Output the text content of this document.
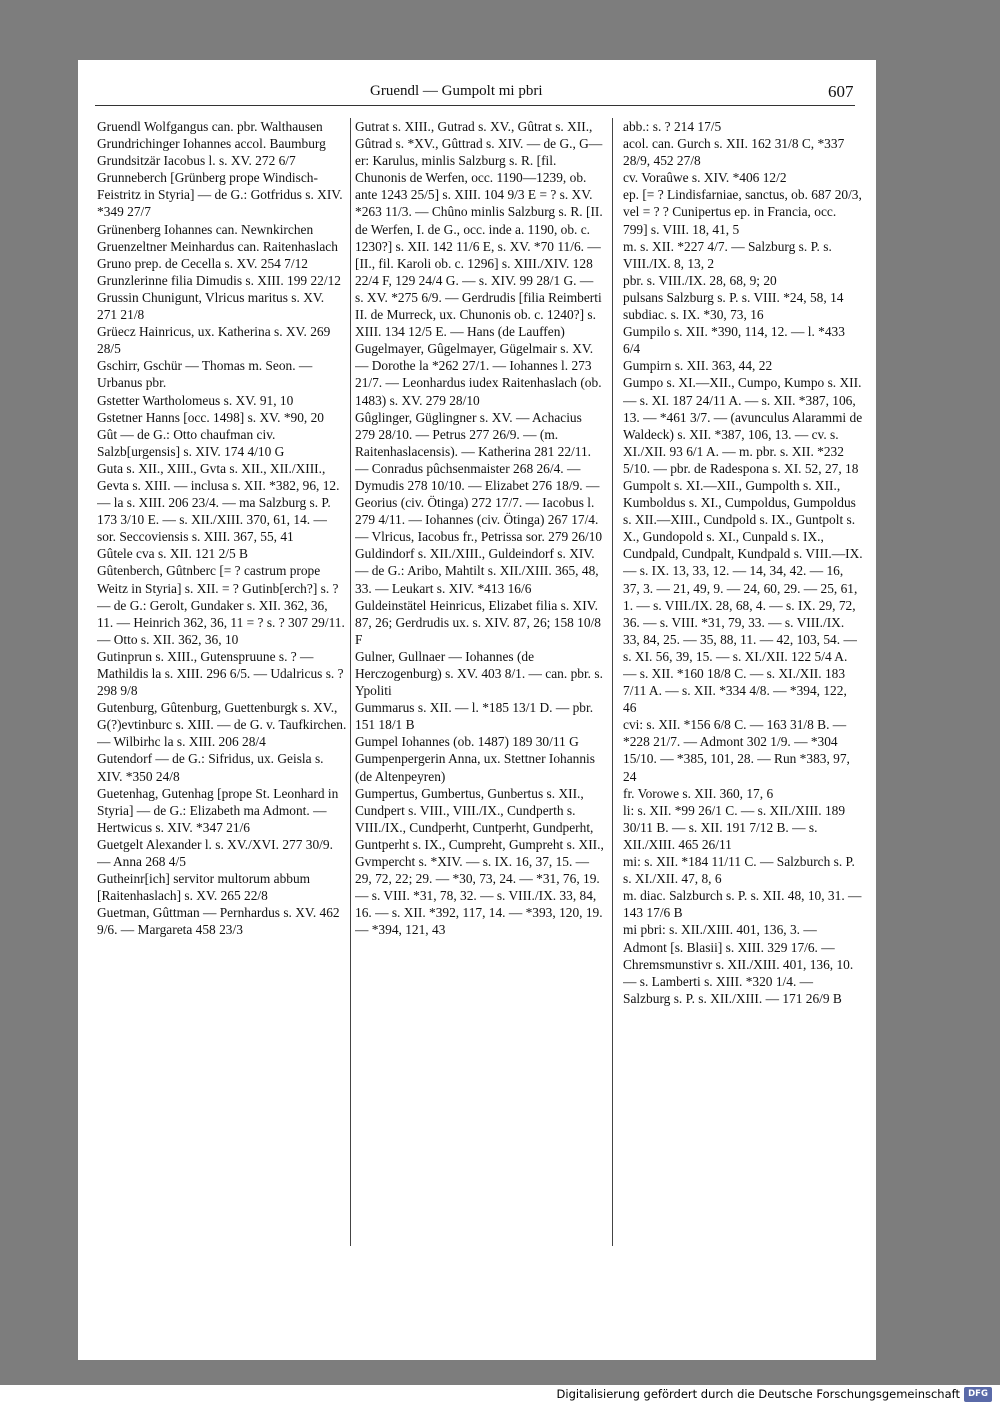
Gruendl — Gumpolt mi pbri	607
Gruendl Wolfgangus can. pbr. Walthausen
Grundrichinger Iohannes accol. Baumburg
Grundsitzär Iacobus l. s. XV. 272 6/7
Grunneberch [Grünberg prope Windisch-Feistritz in Styria] — de G.: Gotfridus s. XIV. *349 27/7
Grünenberg Iohannes can. Newnkirchen
Gruenzeltner Meinhardus can. Raitenhaslach
Gruno prep. de Cecella s. XV. 254 7/12
Grunzlerinne filia Dimudis s. XIII. 199 22/12
Grussin Chunigunt, Vlricus maritus s. XV. 271 21/8
Grüecz Hainricus, ux. Katherina s. XV. 269 28/5
Gschirr, Gschür — Thomas m. Seon. — Urbanus pbr.
Gstetter Wartholomeus s. XV. 91, 10
Gstetner Hanns [occ. 1498] s. XV. *90, 20
Gût — de G.: Otto chaufman civ. Salzb[urgensis] s. XIV. 174 4/10 G
Guta s. XII., XIII., Gvta s. XII., XII./XIII., Gevta s. XIII. — inclusa s. XII. *382, 96, 12. — la s. XIII. 206 23/4. — ma Salzburg s. P. 173 3/10 E. — s. XII./XIII. 370, 61, 14. — sor. Seccoviensis s. XIII. 367, 55, 41
Gûtele cva s. XII. 121 2/5 B
Gûtenberch, Gûtnberc [= ? castrum prope Weitz in Styria] s. XII. = ? Gutinb[erch?] s. ? — de G.: Gerolt, Gundaker s. XII. 362, 36, 11. — Heinrich 362, 36, 11 = ? s. ? 307 29/11. — Otto s. XII. 362, 36, 10
Gutinprun s. XIII., Gutenspruune s. ? — Mathildis la s. XIII. 296 6/5. — Udalricus s. ? 298 9/8
Gutenburg, Gûtenburg, Guettenburgk s. XV., G(?)evtinburc s. XIII. — de G. v. Taufkirchen. — Wilbirhc la s. XIII. 206 28/4
Gutendorf — de G.: Sifridus, ux. Geisla s. XIV. *350 24/8
Guetenhag, Gutenhag [prope St. Leonhard in Styria] — de G.: Elizabeth ma Admont. — Hertwicus s. XIV. *347 21/6
Guetgelt Alexander l. s. XV./XVI. 277 30/9. — Anna 268 4/5
Gutheinr[ich] servitor multorum abbum [Raitenhaslach] s. XV. 265 22/8
Guetman, Gûttman — Pernhardus s. XV. 462 9/6. — Margareta 458 23/3
Gutrat s. XIII., Gutrad s. XV., Gûtrat s. XII., Gûtrad s. *XV., Gûttrad s. XIV. — de G., G—er: Karulus, minlis Salzburg s. R. [fil. Chunonis de Werfen, occ. 1190—1239, ob. ante 1243 25/5] s. XIII. 104 9/3 E = ? s. XV. *263 11/3. — Chûno minlis Salzburg s. R. [II. de Werfen, I. de G., occ. inde a. 1190, ob. c. 1230?] s. XII. 142 11/6 E, s. XV. *70 11/6. — [II., fil. Karoli ob. c. 1296] s. XIII./XIV. 128 22/4 F, 129 24/4 G. — s. XIV. 99 28/1 G. — s. XV. *275 6/9. — Gerdrudis [filia Reimberti II. de Murreck, ux. Chunonis ob. c. 1240?] s. XIII. 134 12/5 E. — Hans (de Lauffen)
Gugelmayer, Gûgelmayer, Gügelmair s. XV. — Dorothe la *262 27/1. — Iohannes l. 273 21/7. — Leonhardus iudex Raitenhaslach (ob. 1483) s. XV. 279 28/10
Gûglinger, Güglingner s. XV. — Achacius 279 28/10. — Petrus 277 26/9. — (m. Raitenhaslacensis). — Katherina 281 22/11. — Conradus pûchsenmaister 268 26/4. — Dymudis 278 10/10. — Elizabet 276 18/9. — Georius (civ. Ötinga) 272 17/7. — Iacobus l. 279 4/11. — Iohannes (civ. Ötinga) 267 17/4. — Vlricus, Iacobus fr., Petrissa sor. 279 26/10
Guldindorf s. XII./XIII., Guldeindorf s. XIV. — de G.: Aribo, Mahtilt s. XII./XIII. 365, 48, 33. — Leukart s. XIV. *413 16/6
Guldeinstätel Heinricus, Elizabet filia s. XIV. 87, 26; Gerdrudis ux. s. XIV. 87, 26; 158 10/8 F
Gulner, Gullnaer — Iohannes (de Herczogenburg) s. XV. 403 8/1. — can. pbr. s. Ypoliti
Gummarus s. XII. — l. *185 13/1 D. — pbr. 151 18/1 B
Gumpel Iohannes (ob. 1487) 189 30/11 G
Gumpenpergerin Anna, ux. Stettner Iohannis (de Altenpeyren)
Gumpertus, Gumbertus, Gunbertus s. XII., Cundpert s. VIII., VIII./IX., Cundperth s. VIII./IX., Cundperht, Cuntperht, Gundperht, Guntperht s. IX., Cumpreht, Gumpreht s. XII., Gvmpercht s. *XIV. — s. IX. 16, 37, 15. — 29, 72, 22; 29. — *30, 73, 24. — *31, 76, 19. — s. VIII. *31, 78, 32. — s. VIII./IX. 33, 84, 16. — s. XII. *392, 117, 14. — *393, 120, 19. — *394, 121, 43
abb.: s. ? 214 17/5
acol. can. Gurch s. XII. 162 31/8 C, *337 28/9, 452 27/8
cv. Voraûwe s. XIV. *406 12/2
ep. [= ? Lindisfarniae, sanctus, ob. 687 20/3, vel = ? ? Cunipertus ep. in Francia, occ. 799] s. VIII. 18, 41, 5
m. s. XII. *227 4/7. — Salzburg s. P. s. VIII./IX. 8, 13, 2
pbr. s. VIII./IX. 28, 68, 9; 20
pulsans Salzburg s. P. s. VIII. *24, 58, 14
subdiac. s. IX. *30, 73, 16
Gumpilo s. XII. *390, 114, 12. — l. *433 6/4
Gumpirn s. XII. 363, 44, 22
Gumpo s. XI.—XII., Cumpo, Kumpo s. XII. — s. XI. 187 24/11 A. — s. XII. *387, 106, 13. — *461 3/7. — (avunculus Alarammi de Waldeck) s. XII. *387, 106, 13. — cv. s. XI./XII. 93 6/1 A. — m. pbr. s. XII. *232 5/10. — pbr. de Radespona s. XI. 52, 27, 18
Gumpolt s. XI.—XII., Gumpolth s. XII., Kumboldus s. XI., Cumpoldus, Gumpoldus s. XII.—XIII., Cundpold s. IX., Guntpolt s. X., Gundopold s. XI., Cunpald s. IX., Cundpald, Cundpalt, Kundpald s. VIII.—IX. — s. IX. 13, 33, 12. — 14, 34, 42. — 16, 37, 3. — 21, 49, 9. — 24, 60, 29. — 25, 61, 1. — s. VIII./IX. 28, 68, 4. — s. IX. 29, 72, 36. — s. VIII. *31, 79, 33. — s. VIII./IX. 33, 84, 25. — 35, 88, 11. — 42, 103, 54. — s. XI. 56, 39, 15. — s. XI./XII. 122 5/4 A. — s. XII. *160 18/8 C. — s. XI./XII. 183 7/11 A. — s. XII. *334 4/8. — *394, 122, 46
cvi: s. XII. *156 6/8 C. — 163 31/8 B. — *228 21/7. — Admont 302 1/9. — *304 15/10. — *385, 101, 28. — Run *383, 97, 24
fr. Vorowe s. XII. 360, 17, 6
li: s. XII. *99 26/1 C. — s. XII./XIII. 189 30/11 B. — s. XII. 191 7/12 B. — s. XII./XIII. 465 26/11
mi: s. XII. *184 11/11 C. — Salzburch s. P. s. XI./XII. 47, 8, 6
m. diac. Salzburch s. P. s. XII. 48, 10, 31. — 143 17/6 B
mi pbri: s. XII./XIII. 401, 136, 3. — Admont [s. Blasii] s. XIII. 329 17/6. — Chremsmunstivr s. XII./XIII. 401, 136, 10. — s. Lamberti s. XIII. *320 1/4. — Salzburg s. P. s. XII./XIII. — 171 26/9 B
Digitalisierung gefördert durch die Deutsche Forschungsgemeinschaft DFG
